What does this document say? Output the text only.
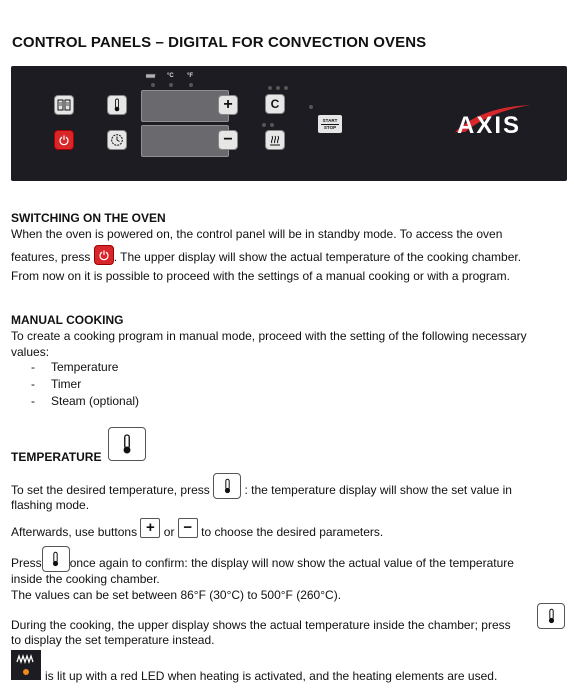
CONTROL PANELS – DIGITAL FOR CONVECTION OVENS
°C °F
+
−
C
START
STOP	AXIS
SWITCHING ON THE OVEN
When the oven is powered on, the control panel will be in standby mode. To access the oven
features, press . The upper display will show the actual temperature of the cooking chamber.
From now on it is possible to proceed with the settings of a manual cooking or with a program.
MANUAL COOKING
To create a cooking program in manual mode, proceed with the setting of the following necessary
values:
- Temperature
- Timer
- Steam (optional)
TEMPERATURE
To set the desired temperature, press	: the temperature display will show the set value in
flashing mode.
Afterwards, use buttons + or − to choose the desired parameters.
Press once again to confirm: the display will now show the actual value of the temperature
inside the cooking chamber.
The values can be set between 86°F (30°C) to 500°F (260°C).
During the cooking, the upper display shows the actual temperature inside the chamber; press
to display the set temperature instead.
is lit up with a red LED when heating is activated, and the heating elements are used.
